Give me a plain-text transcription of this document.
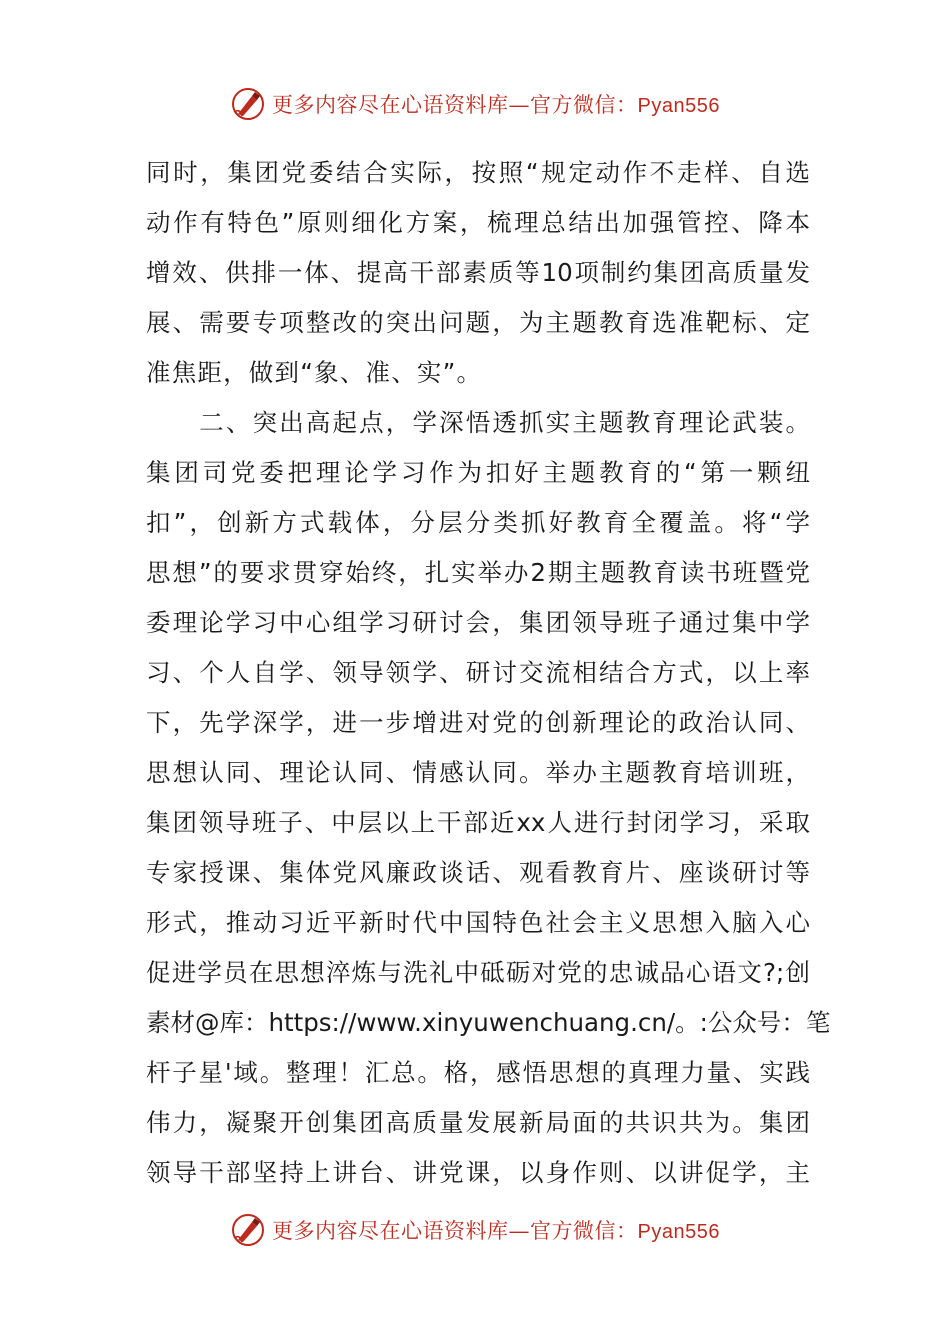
更多内容尽在心语资料库—官方微信：Pyan556
同时，集团党委结合实际，按照“规定动作不走样、自选
动作有特色”原则细化方案，梳理总结出加强管控、降本
增效、供排一体、提高干部素质等10项制约集团高质量发
展、需要专项整改的突出问题，为主题教育选准靶标、定
准焦距，做到“象、准、实”。
　　二、突出高起点，学深悟透抓实主题教育理论武装。
集团司党委把理论学习作为扣好主题教育的“第一颗纽
扣”，创新方式载体，分层分类抓好教育全覆盖。将“学
思想”的要求贯穿始终，扎实举办2期主题教育读书班暨党
委理论学习中心组学习研讨会，集团领导班子通过集中学
习、个人自学、领导领学、研讨交流相结合方式，以上率
下，先学深学，进一步增进对党的创新理论的政治认同、
思想认同、理论认同、情感认同。举办主题教育培训班，
集团领导班子、中层以上干部近xx人进行封闭学习，采取
专家授课、集体党风廉政谈话、观看教育片、座谈研讨等
形式，推动习近平新时代中国特色社会主义思想入脑入心
促进学员在思想淬炼与洗礼中砥砺对党的忠诚品心语文?;创
素材@库：https://www.xinyuwenchuang.cn/。:公众号：笔
杆子星'域。整理！汇总。格，感悟思想的真理力量、实践
伟力，凝聚开创集团高质量发展新局面的共识共为。集团
领导干部坚持上讲台、讲党课，以身作则、以讲促学，主
更多内容尽在心语资料库—官方微信：Pyan556
